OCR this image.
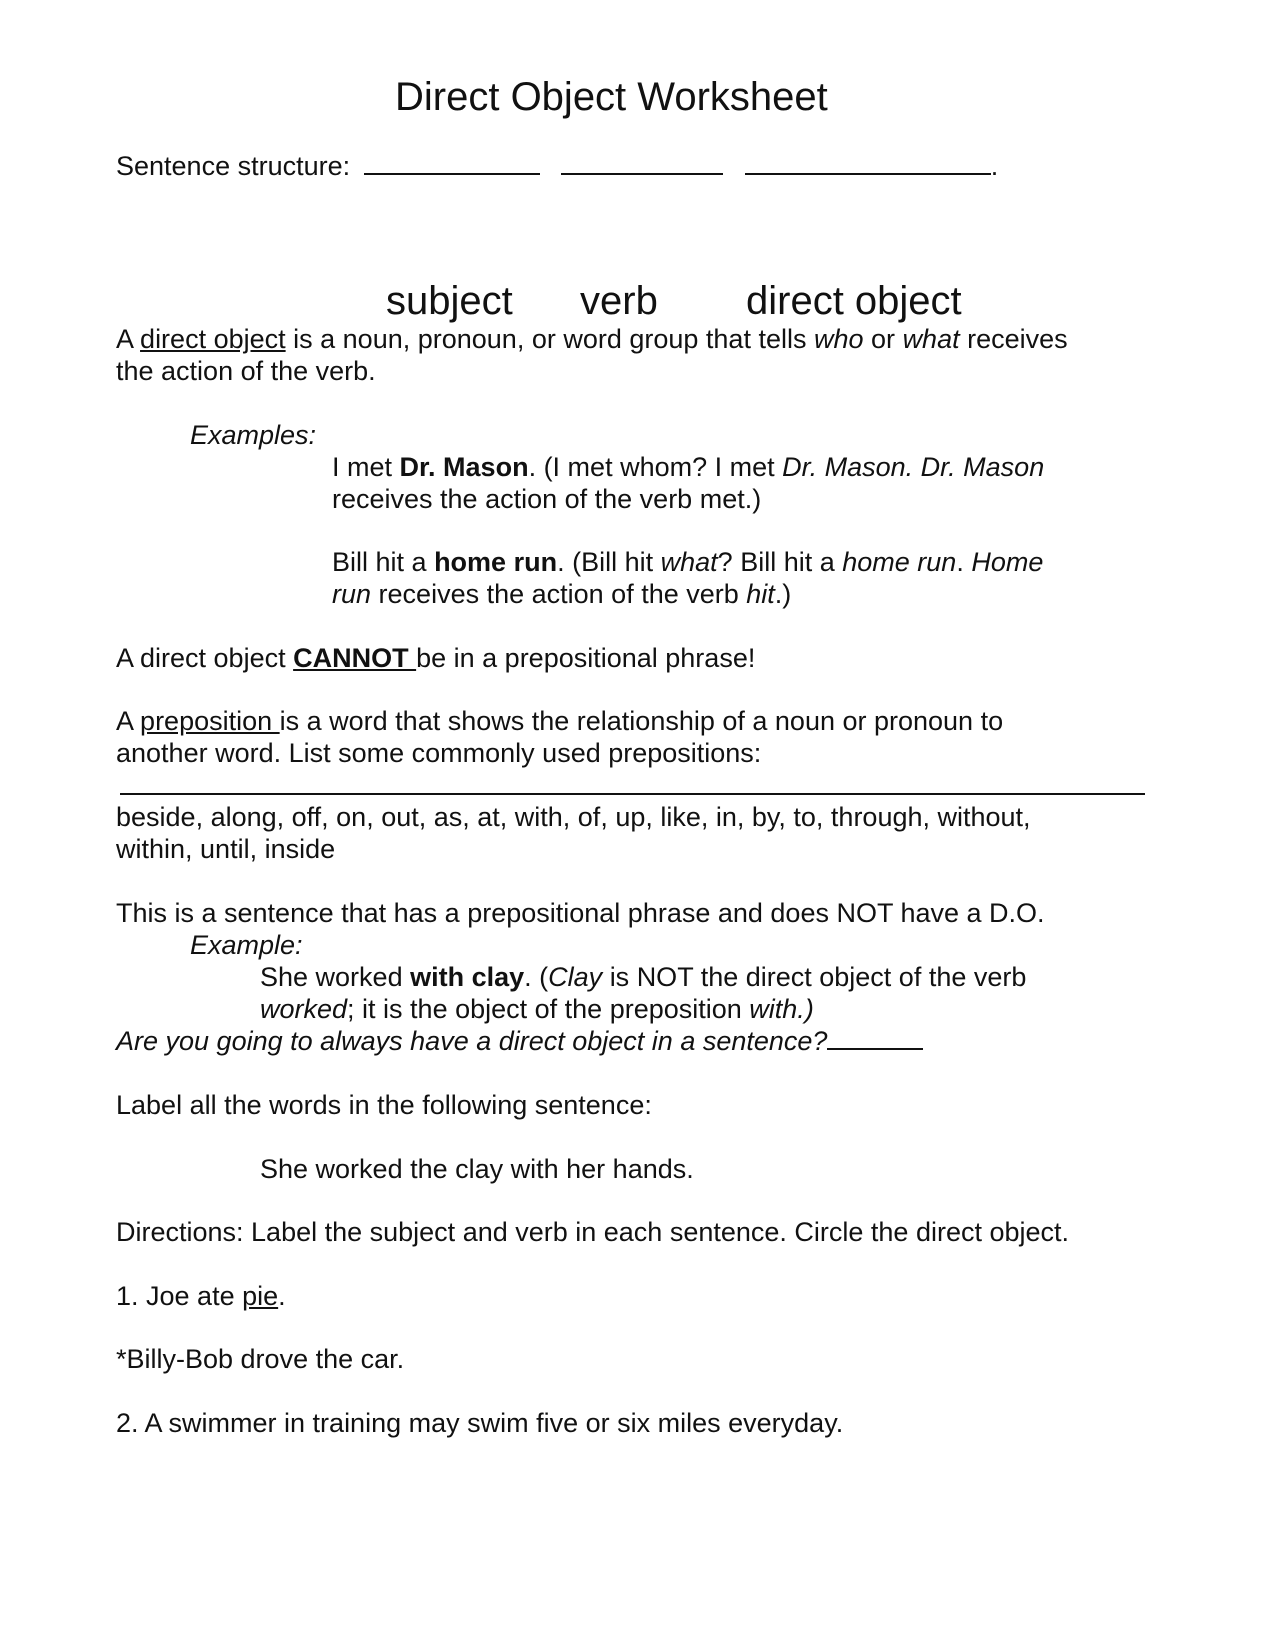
Direct Object Worksheet
Sentence structure:	.
subject verb direct object
A direct object is a noun, pronoun, or word group that tells who or what receives
the action of the verb.
Examples:
I met Dr. Mason. (I met whom? I met Dr. Mason. Dr. Mason
receives the action of the verb met.)
Bill hit a home run. (Bill hit what? Bill hit a home run. Home
run receives the action of the verb hit.)
A direct object CANNOT be in a prepositional phrase!
A preposition is a word that shows the relationship of a noun or pronoun to
another word. List some commonly used prepositions:
beside, along, off, on, out, as, at, with, of, up, like, in, by, to, through, without,
within, until, inside
This is a sentence that has a prepositional phrase and does NOT have a D.O.
Example:
She worked with clay. (Clay is NOT the direct object of the verb
worked; it is the object of the preposition with.)
Are you going to always have a direct object in a sentence?
Label all the words in the following sentence:
She worked the clay with her hands.
Directions: Label the subject and verb in each sentence. Circle the direct object.
1. Joe ate pie.
*Billy-Bob drove the car.
2. A swimmer in training may swim five or six miles everyday.
